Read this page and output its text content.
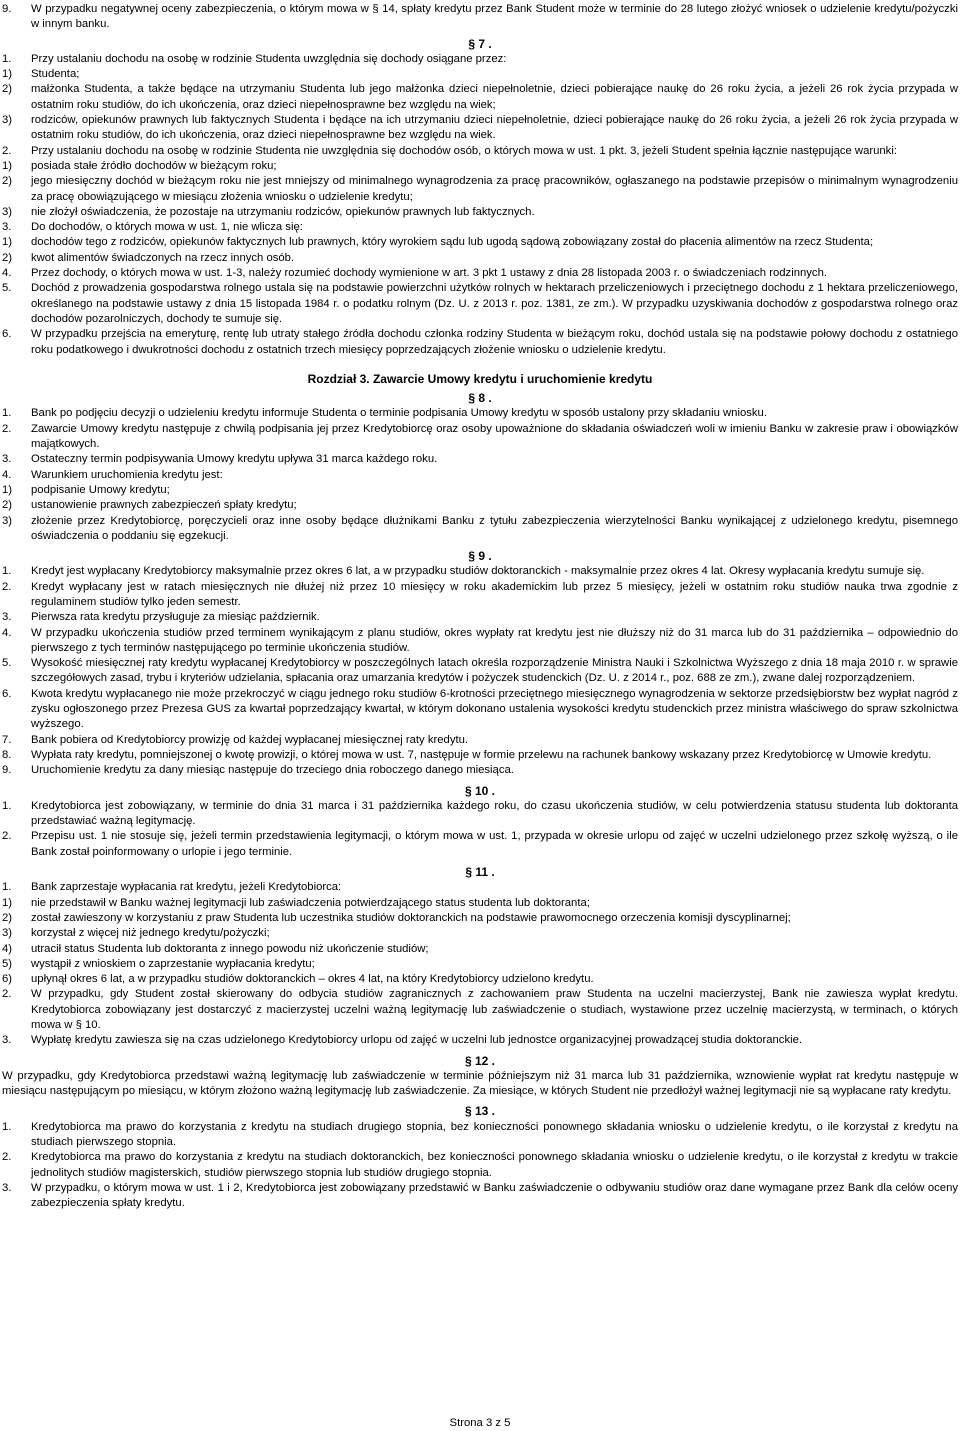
9. W przypadku negatywnej oceny zabezpieczenia, o którym mowa w § 14, spłaty kredytu przez Bank Student może w terminie do 28 lutego złożyć wniosek o udzielenie kredytu/pożyczki w innym banku.
§ 7 .
1. Przy ustalaniu dochodu na osobę w rodzinie Studenta uwzględnia się dochody osiągane przez:
1) Studenta;
2) małżonka Studenta, a także będące na utrzymaniu Studenta lub jego małżonka dzieci niepełnoletnie, dzieci pobierające naukę do 26 roku życia, a jeżeli 26 rok życia przypada w ostatnim roku studiów, do ich ukończenia, oraz dzieci niepełnosprawne bez względu na wiek;
3) rodziców, opiekunów prawnych lub faktycznych Studenta i będące na ich utrzymaniu dzieci niepełnoletnie, dzieci pobierające naukę do 26 roku życia, a jeżeli 26 rok życia przypada w ostatnim roku studiów, do ich ukończenia, oraz dzieci niepełnosprawne bez względu na wiek.
2. Przy ustalaniu dochodu na osobę w rodzinie Studenta nie uwzględnia się dochodów osób, o których mowa w ust. 1 pkt. 3, jeżeli Student spełnia łącznie następujące warunki:
1) posiada stałe źródło dochodów w bieżącym roku;
2) jego miesięczny dochód w bieżącym roku nie jest mniejszy od minimalnego wynagrodzenia za pracę pracowników, ogłaszanego na podstawie przepisów o minimalnym wynagrodzeniu za pracę obowiązującego w miesiącu złożenia wniosku o udzielenie kredytu;
3) nie złożył oświadczenia, że pozostaje na utrzymaniu rodziców, opiekunów prawnych lub faktycznych.
3. Do dochodów, o których mowa w ust. 1, nie wlicza się:
1) dochodów tego z rodziców, opiekunów faktycznych lub prawnych, który wyrokiem sądu lub ugodą sądową zobowiązany został do płacenia alimentów na rzecz Studenta;
2) kwot alimentów świadczonych na rzecz innych osób.
4. Przez dochody, o których mowa w ust. 1-3, należy rozumieć dochody wymienione w art. 3 pkt 1 ustawy z dnia 28 listopada 2003 r. o świadczeniach rodzinnych.
5. Dochód z prowadzenia gospodarstwa rolnego ustala się na podstawie powierzchni użytków rolnych w hektarach przeliczeniowych i przeciętnego dochodu z 1 hektara przeliczeniowego, określanego na podstawie ustawy z dnia 15 listopada 1984 r. o podatku rolnym (Dz. U. z 2013 r. poz. 1381, ze zm.). W przypadku uzyskiwania dochodów z gospodarstwa rolnego oraz dochodów pozarolniczych, dochody te sumuje się.
6. W przypadku przejścia na emeryturę, rentę lub utraty stałego źródła dochodu członka rodziny Studenta w bieżącym roku, dochód ustala się na podstawie połowy dochodu z ostatniego roku podatkowego i dwukrotności dochodu z ostatnich trzech miesięcy poprzedzających złożenie wniosku o udzielenie kredytu.
Rozdział 3. Zawarcie Umowy kredytu i uruchomienie kredytu
§ 8 .
1. Bank po podjęciu decyzji o udzieleniu kredytu informuje Studenta o terminie podpisania Umowy kredytu w sposób ustalony przy składaniu wniosku.
2. Zawarcie Umowy kredytu następuje z chwilą podpisania jej przez Kredytobiorcę oraz osoby upoważnione do składania oświadczeń woli w imieniu Banku w zakresie praw i obowiązków majątkowych.
3. Ostateczny termin podpisywania Umowy kredytu upływa 31 marca każdego roku.
4. Warunkiem uruchomienia kredytu jest:
1) podpisanie Umowy kredytu;
2) ustanowienie prawnych zabezpieczeń spłaty kredytu;
3) złożenie przez Kredytobiorcę, poręczycieli oraz inne osoby będące dłużnikami Banku z tytułu zabezpieczenia wierzytelności Banku wynikającej z udzielonego kredytu, pisemnego oświadczenia o poddaniu się egzekucji.
§ 9 .
1. Kredyt jest wypłacany Kredytobiorcy maksymalnie przez okres 6 lat, a w przypadku studiów doktoranckich - maksymalnie przez okres 4 lat. Okresy wypłacania kredytu sumuje się.
2. Kredyt wypłacany jest w ratach miesięcznych nie dłużej niż przez 10 miesięcy w roku akademickim lub przez 5 miesięcy, jeżeli w ostatnim roku studiów nauka trwa zgodnie z regulaminem studiów tylko jeden semestr.
3. Pierwsza rata kredytu przysługuje za miesiąc październik.
4. W przypadku ukończenia studiów przed terminem wynikającym z planu studiów, okres wypłaty rat kredytu jest nie dłuższy niż do 31 marca lub do 31 października – odpowiednio do pierwszego z tych terminów następującego po terminie ukończenia studiów.
5. Wysokość miesięcznej raty kredytu wypłacanej Kredytobiorcy w poszczególnych latach określa rozporządzenie Ministra Nauki i Szkolnictwa Wyższego z dnia 18 maja 2010 r. w sprawie szczegółowych zasad, trybu i kryteriów udzielania, spłacania oraz umarzania kredytów i pożyczek studenckich (Dz. U. z 2014 r., poz. 688 ze zm.), zwane dalej rozporządzeniem.
6. Kwota kredytu wypłacanego nie może przekroczyć w ciągu jednego roku studiów 6-krotności przeciętnego miesięcznego wynagrodzenia w sektorze przedsiębiorstw bez wypłat nagród z zysku ogłoszonego przez Prezesa GUS za kwartał poprzedzający kwartał, w którym dokonano ustalenia wysokości kredytu studenckich przez ministra właściwego do spraw szkolnictwa wyższego.
7. Bank pobiera od Kredytobiorcy prowizję od każdej wypłacanej miesięcznej raty kredytu.
8. Wypłata raty kredytu, pomniejszonej o kwotę prowizji, o której mowa w ust. 7, następuje w formie przelewu na rachunek bankowy wskazany przez Kredytobiorcę w Umowie kredytu.
9. Uruchomienie kredytu za dany miesiąc następuje do trzeciego dnia roboczego danego miesiąca.
§ 10 .
1. Kredytobiorca jest zobowiązany, w terminie do dnia 31 marca i 31 października każdego roku, do czasu ukończenia studiów, w celu potwierdzenia statusu studenta lub doktoranta przedstawiać ważną legitymację.
2. Przepisu ust. 1 nie stosuje się, jeżeli termin przedstawienia legitymacji, o którym mowa w ust. 1, przypada w okresie urlopu od zajęć w uczelni udzielonego przez szkołę wyższą, o ile Bank został poinformowany o urlopie i jego terminie.
§ 11 .
1. Bank zaprzestaje wypłacania rat kredytu, jeżeli Kredytobiorca:
1) nie przedstawił w Banku ważnej legitymacji lub zaświadczenia potwierdzającego status studenta lub doktoranta;
2) został zawieszony w korzystaniu z praw Studenta lub uczestnika studiów doktoranckich na podstawie prawomocnego orzeczenia komisji dyscyplinarnej;
3) korzystał z więcej niż jednego kredytu/pożyczki;
4) utracił status Studenta lub doktoranta z innego powodu niż ukończenie studiów;
5) wystąpił z wnioskiem o zaprzestanie wypłacania kredytu;
6) upłynął okres 6 lat, a w przypadku studiów doktoranckich – okres 4 lat, na który Kredytobiorcy udzielono kredytu.
2. W przypadku, gdy Student został skierowany do odbycia studiów zagranicznych z zachowaniem praw Studenta na uczelni macierzystej, Bank nie zawiesza wypłat kredytu. Kredytobiorca zobowiązany jest dostarczyć z macierzystej uczelni ważną legitymację lub zaświadczenie o studiach, wystawione przez uczelnię macierzystą, w terminach, o których mowa w § 10.
3. Wypłatę kredytu zawiesza się na czas udzielonego Kredytobiorcy urlopu od zajęć w uczelni lub jednostce organizacyjnej prowadzącej studia doktoranckie.
§ 12 .
W przypadku, gdy Kredytobiorca przedstawi ważną legitymację lub zaświadczenie w terminie późniejszym niż 31 marca lub 31 października, wznowienie wypłat rat kredytu następuje w miesiącu następującym po miesiącu, w którym złożono ważną legitymację lub zaświadczenie. Za miesiące, w których Student nie przedłożył ważnej legitymacji nie są wypłacane raty kredytu.
§ 13 .
1. Kredytobiorca ma prawo do korzystania z kredytu na studiach drugiego stopnia, bez konieczności ponownego składania wniosku o udzielenie kredytu, o ile korzystał z kredytu na studiach pierwszego stopnia.
2. Kredytobiorca ma prawo do korzystania z kredytu na studiach doktoranckich, bez konieczności ponownego składania wniosku o udzielenie kredytu, o ile korzystał z kredytu w trakcie jednolitych studiów magisterskich, studiów pierwszego stopnia lub studiów drugiego stopnia.
3. W przypadku, o którym mowa w ust. 1 i 2, Kredytobiorca jest zobowiązany przedstawić w Banku zaświadczenie o odbywaniu studiów oraz dane wymagane przez Bank dla celów oceny zabezpieczenia spłaty kredytu.
Strona 3 z 5
